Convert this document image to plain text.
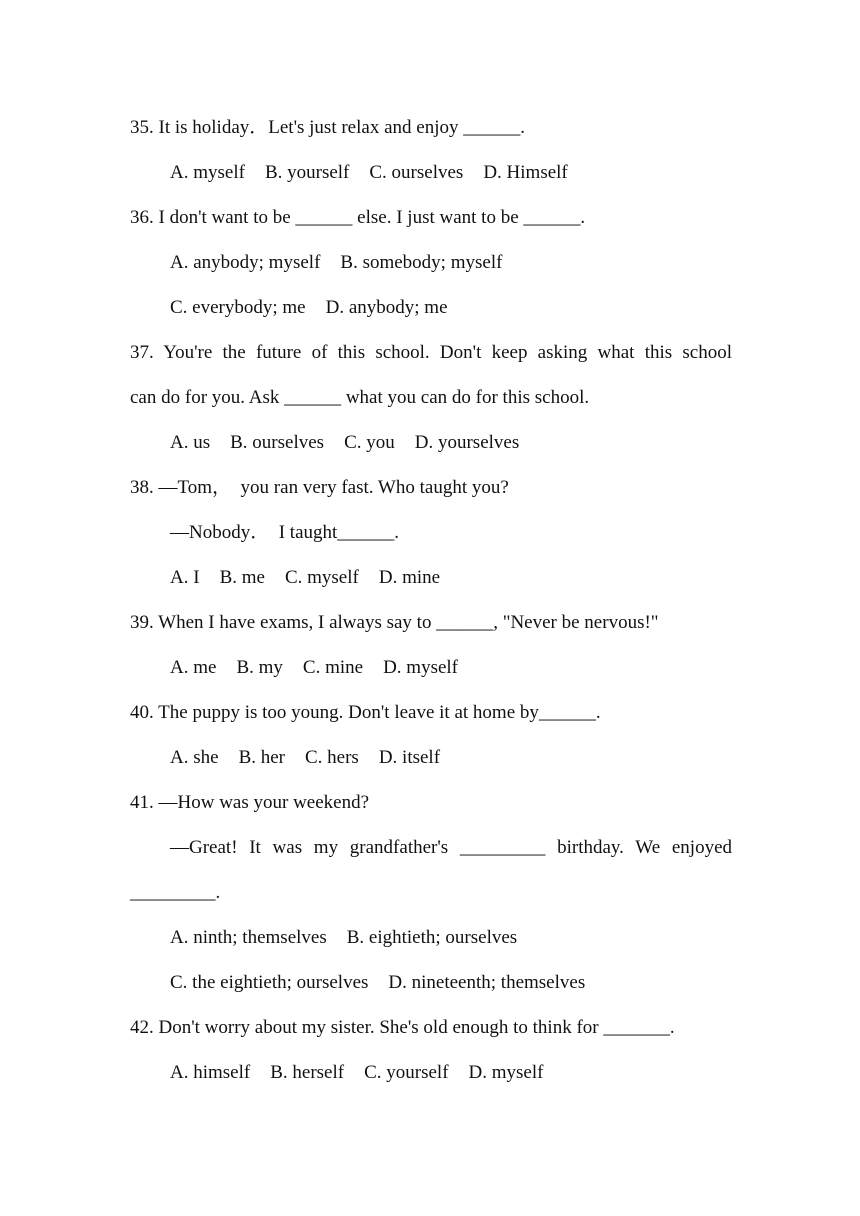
35. It is holiday．Let's just relax and enjoy ______.
A. myself B. yourself C. ourselves D. Himself
36. I don't want to be ______ else. I just want to be ______.
A. anybody; myself B. somebody; myself
C. everybody; me D. anybody; me
37. You're the future of this school. Don't keep asking what this school
can do for you. Ask ______ what you can do for this school.
A. us B. ourselves C. you D. yourselves
38. —Tom，  you ran very fast. Who taught you?
—Nobody．  I taught______.
A. I B. me C. myself D. mine
39. When I have exams, I always say to ______, "Never be nervous!"
A. me B. my C. mine D. myself
40. The puppy is too young. Don't leave it at home by______.
A. she B. her C. hers D. itself
41. —How was your weekend?
—Great! It was my grandfather's _________ birthday. We enjoyed
_________.
A. ninth; themselves B. eightieth; ourselves
C. the eightieth; ourselves D. nineteenth; themselves
42. Don't worry about my sister. She's old enough to think for _______.
A. himself B. herself C. yourself D. myself
